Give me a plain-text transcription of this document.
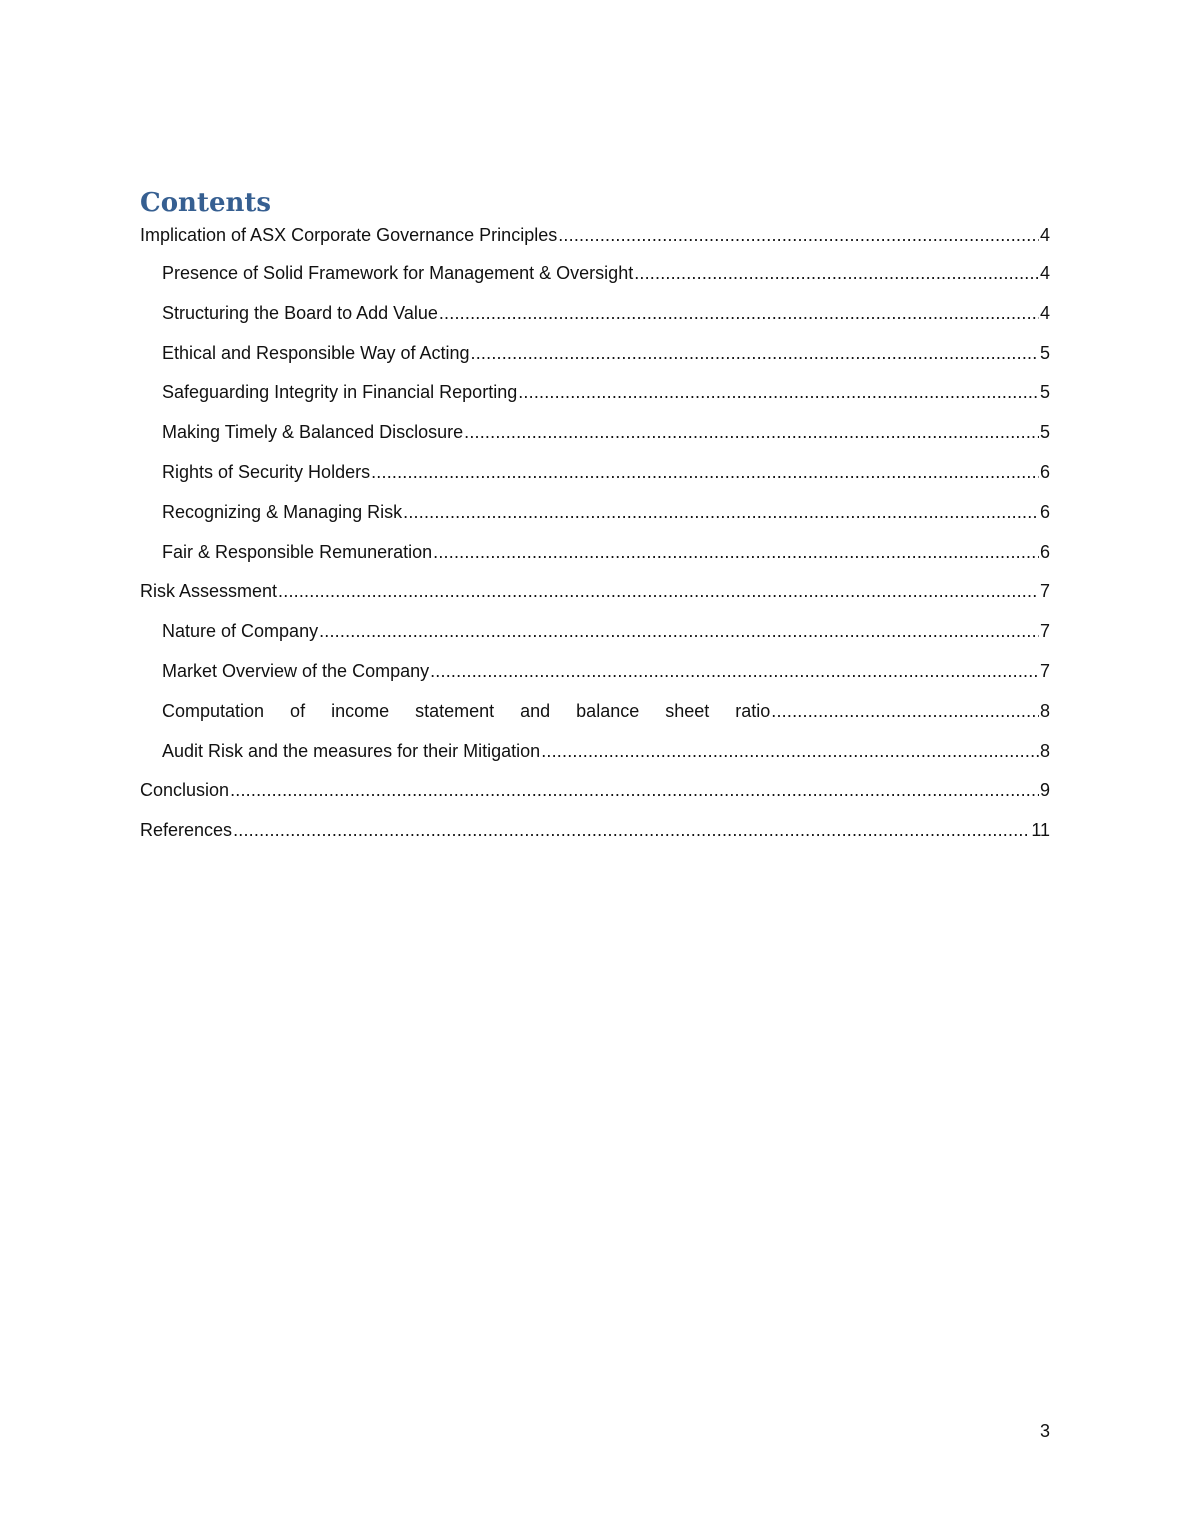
Contents
Implication of ASX Corporate Governance Principles .....	4
Presence of Solid Framework for Management & Oversight .....	4
Structuring the Board to Add Value .....	4
Ethical and Responsible Way of Acting .....	5
Safeguarding Integrity in Financial Reporting .....	5
Making Timely & Balanced Disclosure .....	5
Rights of Security Holders .....	6
Recognizing & Managing Risk .....	6
Fair & Responsible Remuneration .....	6
Risk Assessment .....	7
Nature of Company .....	7
Market Overview of the Company .....	7
Computation of income statement and balance sheet ratio .....	8
Audit Risk and the measures for their Mitigation .....	8
Conclusion .....	9
References .....	11
3
